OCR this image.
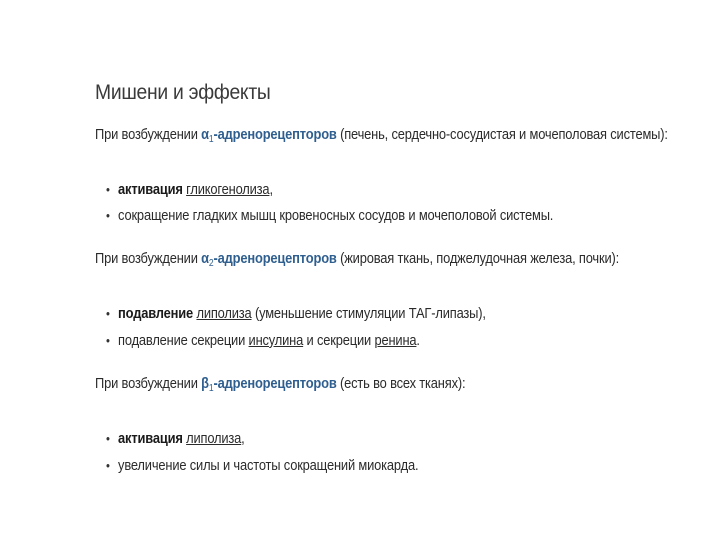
Мишени и эффекты
При возбуждении $\alpha_1$-адренорецепторов (печень, сердечно-сосудистая и мочеполовая системы):
• активация гликогенолиза,
• сокращение гладких мышц кровеносных сосудов и мочеполовой системы.
При возбуждении $\alpha_2$-адренорецепторов (жировая ткань, поджелудочная железа, почки):
• подавление липолиза (уменьшение стимуляции ТАГ-липазы),
• подавление секреции инсулина и секреции ренина.
При возбуждении $\beta_1$-адренорецепторов (есть во всех тканях):
• активация липолиза,
• увеличение силы и частоты сокращений миокарда.
